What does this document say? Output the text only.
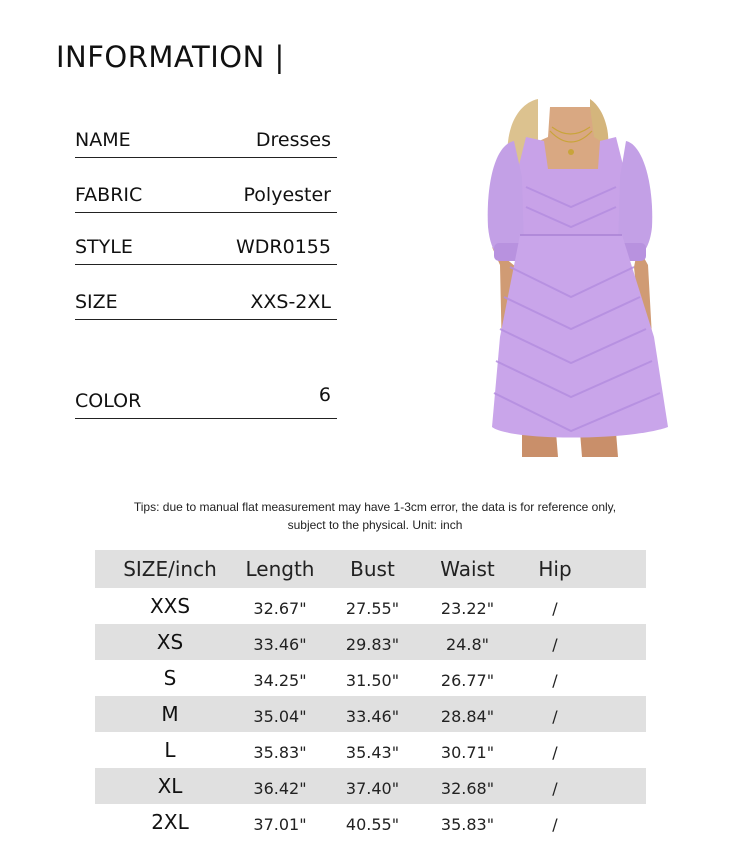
INFORMATION |
NAME	Dresses
FABRIC	Polyester
STYLE	WDR0155
SIZE	XXS-2XL
COLOR	6
Tips: due to manual flat measurement may have 1-3cm error, the data is for reference only,
subject to the physical. Unit: inch
SIZE/inch	Length	Bust	Waist	Hip
XXS	32.67"	27.55"	23.22"	/
XS	33.46"	29.83"	24.8"	/
S	34.25"	31.50"	26.77"	/
M	35.04"	33.46"	28.84"	/
L	35.83"	35.43"	30.71"	/
XL	36.42"	37.40"	32.68"	/
2XL	37.01"	40.55"	35.83"	/
